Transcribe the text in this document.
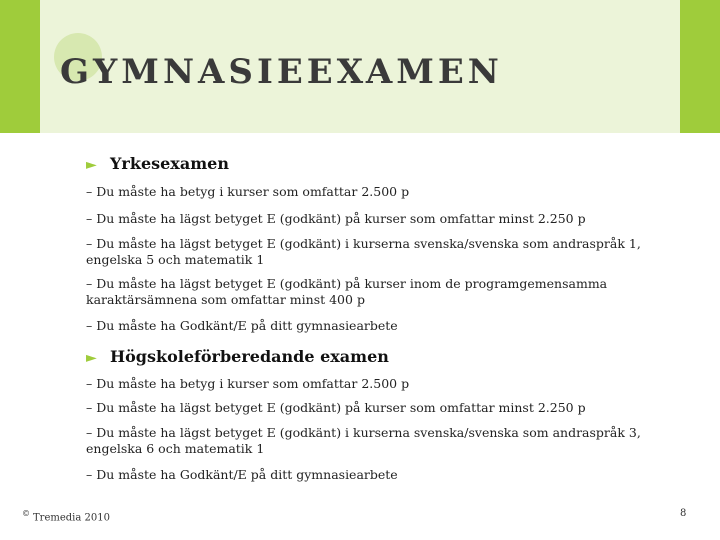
GYMNASIEEXAMEN
► Yrkesexamen
– Du måste ha betyg i kurser som omfattar 2.500 p
– Du måste ha lägst betyget E (godkänt) på kurser som omfattar minst 2.250 p
– Du måste ha lägst betyget E (godkänt) i kurserna svenska/svenska som andraspråk 1, engelska 5 och matematik 1
– Du måste ha lägst betyget E (godkänt) på kurser inom de programgemensamma karaktärsämnena som omfattar minst 400 p
– Du måste ha Godkänt/E på ditt gymnasiearbete
► Högskoleförberedande examen
– Du måste ha betyg i kurser som omfattar 2.500 p
– Du måste ha lägst betyget E (godkänt) på kurser som omfattar minst 2.250 p
– Du måste ha lägst betyget E (godkänt) i kurserna svenska/svenska som andraspråk 3, engelska 6 och matematik 1
– Du måste ha Godkänt/E på ditt gymnasiearbete
© Tremedia 2010	8
